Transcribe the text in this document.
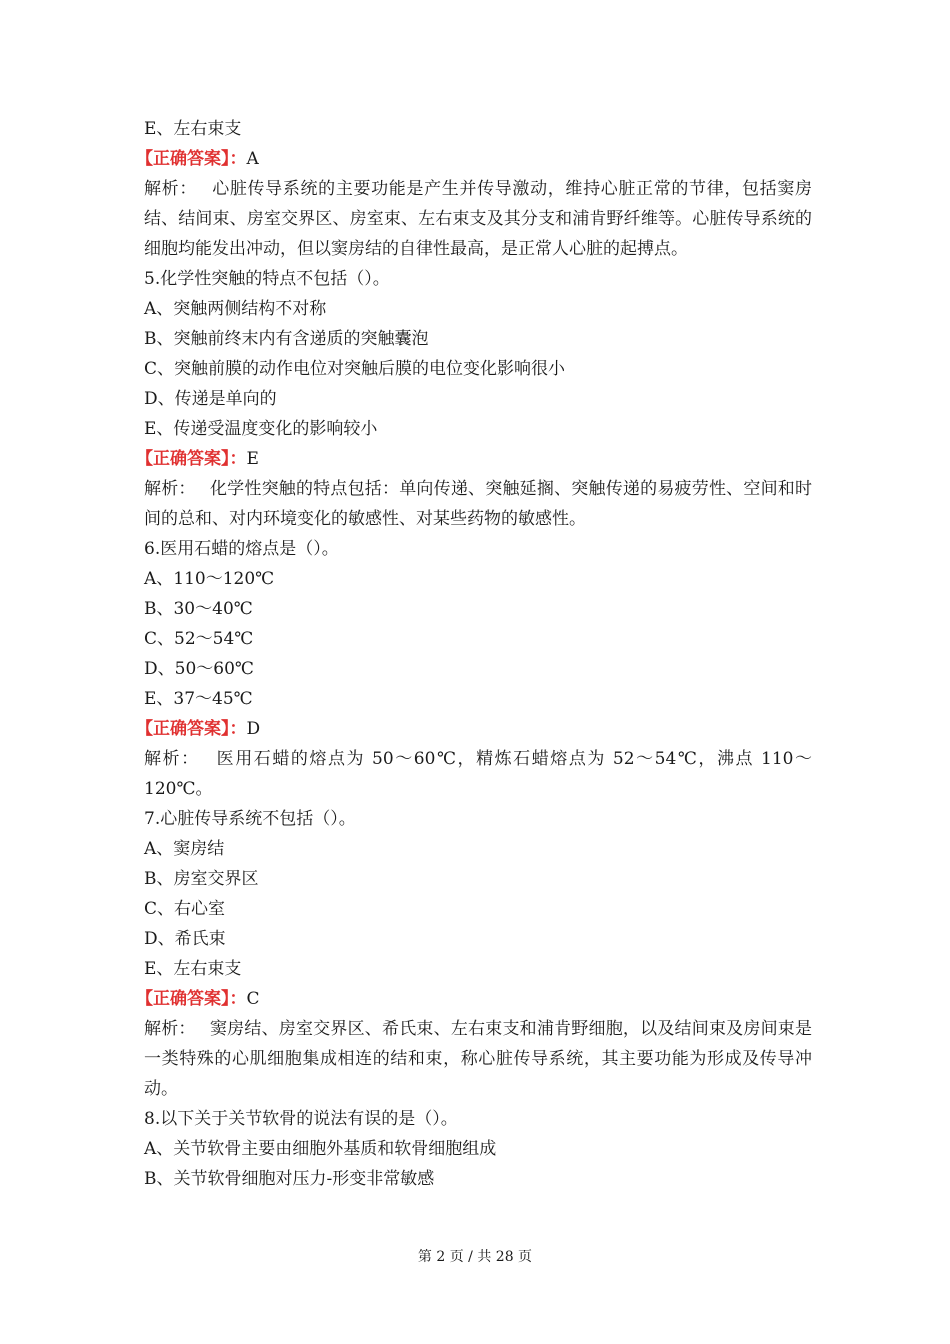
E、左右束支
【正确答案】：A
解析：　 心脏传导系统的主要功能是产生并传导激动，维持心脏正常的节律，包括窦房结、结间束、房室交界区、房室束、左右束支及其分支和浦肯野纤维等。心脏传导系统的细胞均能发出冲动，但以窦房结的自律性最高，是正常人心脏的起搏点。
5.化学性突触的特点不包括（）。
A、突触两侧结构不对称
B、突触前终末内有含递质的突触囊泡
C、突触前膜的动作电位对突触后膜的电位变化影响很小
D、传递是单向的
E、传递受温度变化的影响较小
【正确答案】：E
解析：　 化学性突触的特点包括：单向传递、突触延搁、突触传递的易疲劳性、空间和时间的总和、对内环境变化的敏感性、对某些药物的敏感性。
6.医用石蜡的熔点是（）。
A、110～120℃
B、30～40℃
C、52～54℃
D、50～60℃
E、37～45℃
【正确答案】：D
解析：　 医用石蜡的熔点为 50～60℃，精炼石蜡熔点为 52～54℃，沸点 110～120℃。
7.心脏传导系统不包括（）。
A、窦房结
B、房室交界区
C、右心室
D、希氏束
E、左右束支
【正确答案】：C
解析：　 窦房结、房室交界区、希氏束、左右束支和浦肯野细胞，以及结间束及房间束是一类特殊的心肌细胞集成相连的结和束，称心脏传导系统，其主要功能为形成及传导冲动。
8.以下关于关节软骨的说法有误的是（）。
A、关节软骨主要由细胞外基质和软骨细胞组成
B、关节软骨细胞对压力-形变非常敏感
第 2 页 / 共 28 页
